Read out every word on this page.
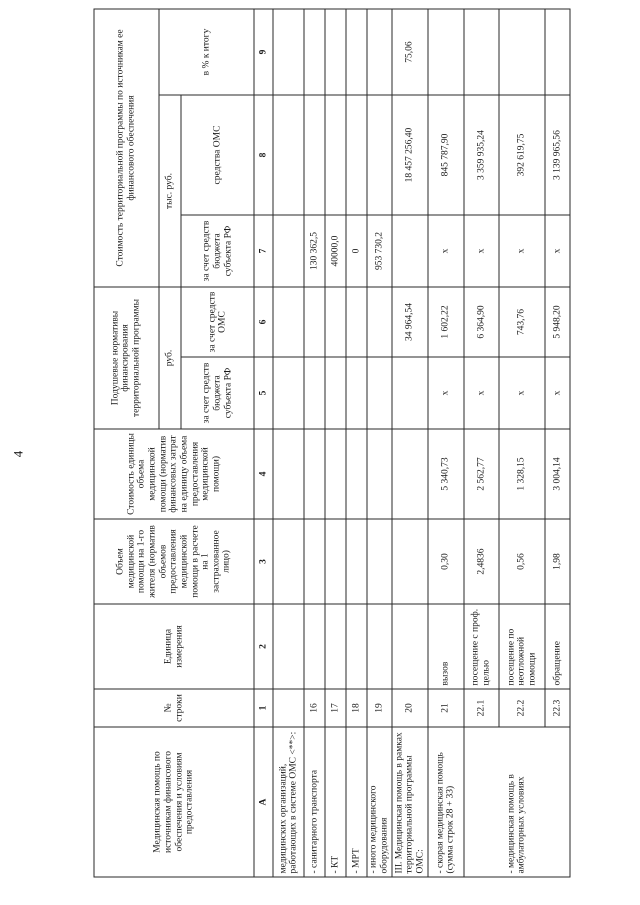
4
Медицинская помощь по источникам финансового обеспечения и условиям предоставления	№ строки	Единица измерения	Объем медицинской помощи на 1-го жителя (норматив объемов предоставления медицинской помощи в расчете на 1 застрахованное лицо)	Стоимость единицы объема медицинской помощи (норматив финансовых затрат на единицу объема предоставления медицинской помощи)	Подушевые нормативы финансирования территориальной программы		Стоимость территориальной программы по источникам ее финансового обеспечения		
					руб.		тыс. руб.		в % к итогу
					за счет средств бюджета субъекта РФ	за счет средств ОМС	за счет средств бюджета субъекта РФ	средства ОМС	
А	1	2	3	4	5	6	7	8	9
медицинских организаций, работающих в системе ОМС <**>:									
- санитарного транспорта	16						130 362,5		
- КТ	17						40000,0		
- МРТ	18						0		
- иного медицинского оборудования	19						953 730,2		
III. Медицинская помощь в рамках территориальной программы ОМС:	20					34 964,54		18 457 256,40	75,06
- скорая медицинская помощь (сумма строк 28 + 33)	21	вызов	0,30	5 340,73	х	1 602,22	х	845 787,90	
- медицинская помощь в амбулаторных условиях	22.1	посещение с проф. целью	2,4836	2 562,77	х	6 364,90	х	3 359 935,24	
	22.2	посещение по неотложной помощи	0,56	1 328,15	х	743,76	х	392 619,75	
	22.3	обращение	1,98	3 004,14	х	5 948,20	х	3 139 965,56	
